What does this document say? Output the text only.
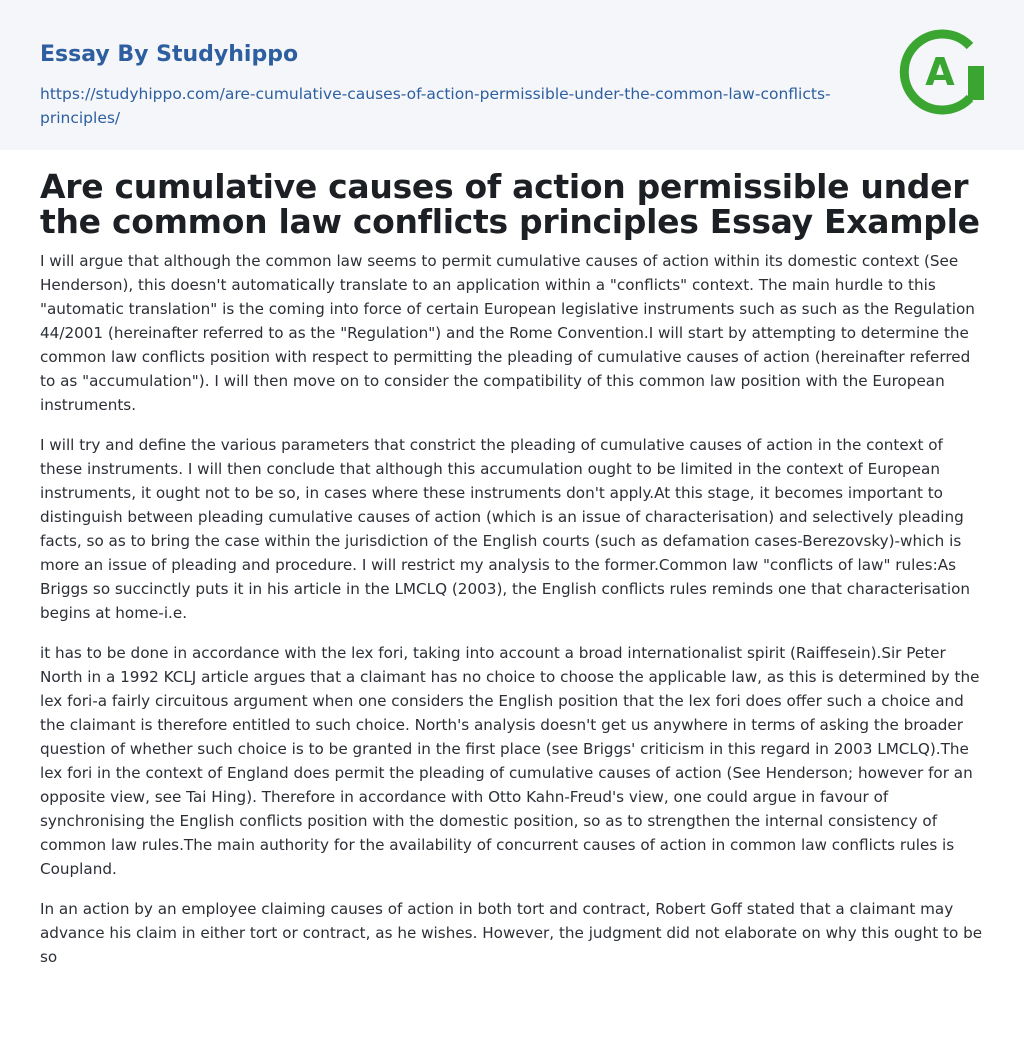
Essay By Studyhippo
https://studyhippo.com/are-cumulative-causes-of-action-permissible-under-the-common-law-conflicts-principles/
A
Are cumulative causes of action permissible under the common law conflicts principles Essay Example

I will argue that although the common law seems to permit cumulative causes of action within its domestic context (See Henderson), this doesn't automatically translate to an application within a "conflicts" context. The main hurdle to this "automatic translation" is the coming into force of certain European legislative instruments such as such as the Regulation 44/2001 (hereinafter referred to as the "Regulation") and the Rome Convention.I will start by attempting to determine the common law conflicts position with respect to permitting the pleading of cumulative causes of action (hereinafter referred to as "accumulation"). I will then move on to consider the compatibility of this common law position with the European instruments.

I will try and define the various parameters that constrict the pleading of cumulative causes of action in the context of these instruments. I will then conclude that although this accumulation ought to be limited in the context of European instruments, it ought not to be so, in cases where these instruments don't apply.At this stage, it becomes important to distinguish between pleading cumulative causes of action (which is an issue of characterisation) and selectively pleading facts, so as to bring the case within the jurisdiction of the English courts (such as defamation cases-Berezovsky)-which is more an issue of pleading and procedure. I will restrict my analysis to the former.Common law "conflicts of law" rules:As Briggs so succinctly puts it in his article in the LMCLQ (2003), the English conflicts rules reminds one that characterisation begins at home-i.e.

it has to be done in accordance with the lex fori, taking into account a broad internationalist spirit (Raiffesein).Sir Peter North in a 1992 KCLJ article argues that a claimant has no choice to choose the applicable law, as this is determined by the lex fori-a fairly circuitous argument when one considers the English position that the lex fori does offer such a choice and the claimant is therefore entitled to such choice. North's analysis doesn't get us anywhere in terms of asking the broader question of whether such choice is to be granted in the first place (see Briggs' criticism in this regard in 2003 LMCLQ).The lex fori in the context of England does permit the pleading of cumulative causes of action (See Henderson; however for an opposite view, see Tai Hing). Therefore in accordance with Otto Kahn-Freud's view, one could argue in favour of synchronising the English conflicts position with the domestic position, so as to strengthen the internal consistency of common law rules.The main authority for the availability of concurrent causes of action in common law conflicts rules is Coupland.

In an action by an employee claiming causes of action in both tort and contract, Robert Goff stated that a claimant may advance his claim in either tort or contract, as he wishes. However, the judgment did not elaborate on why this ought to be so
